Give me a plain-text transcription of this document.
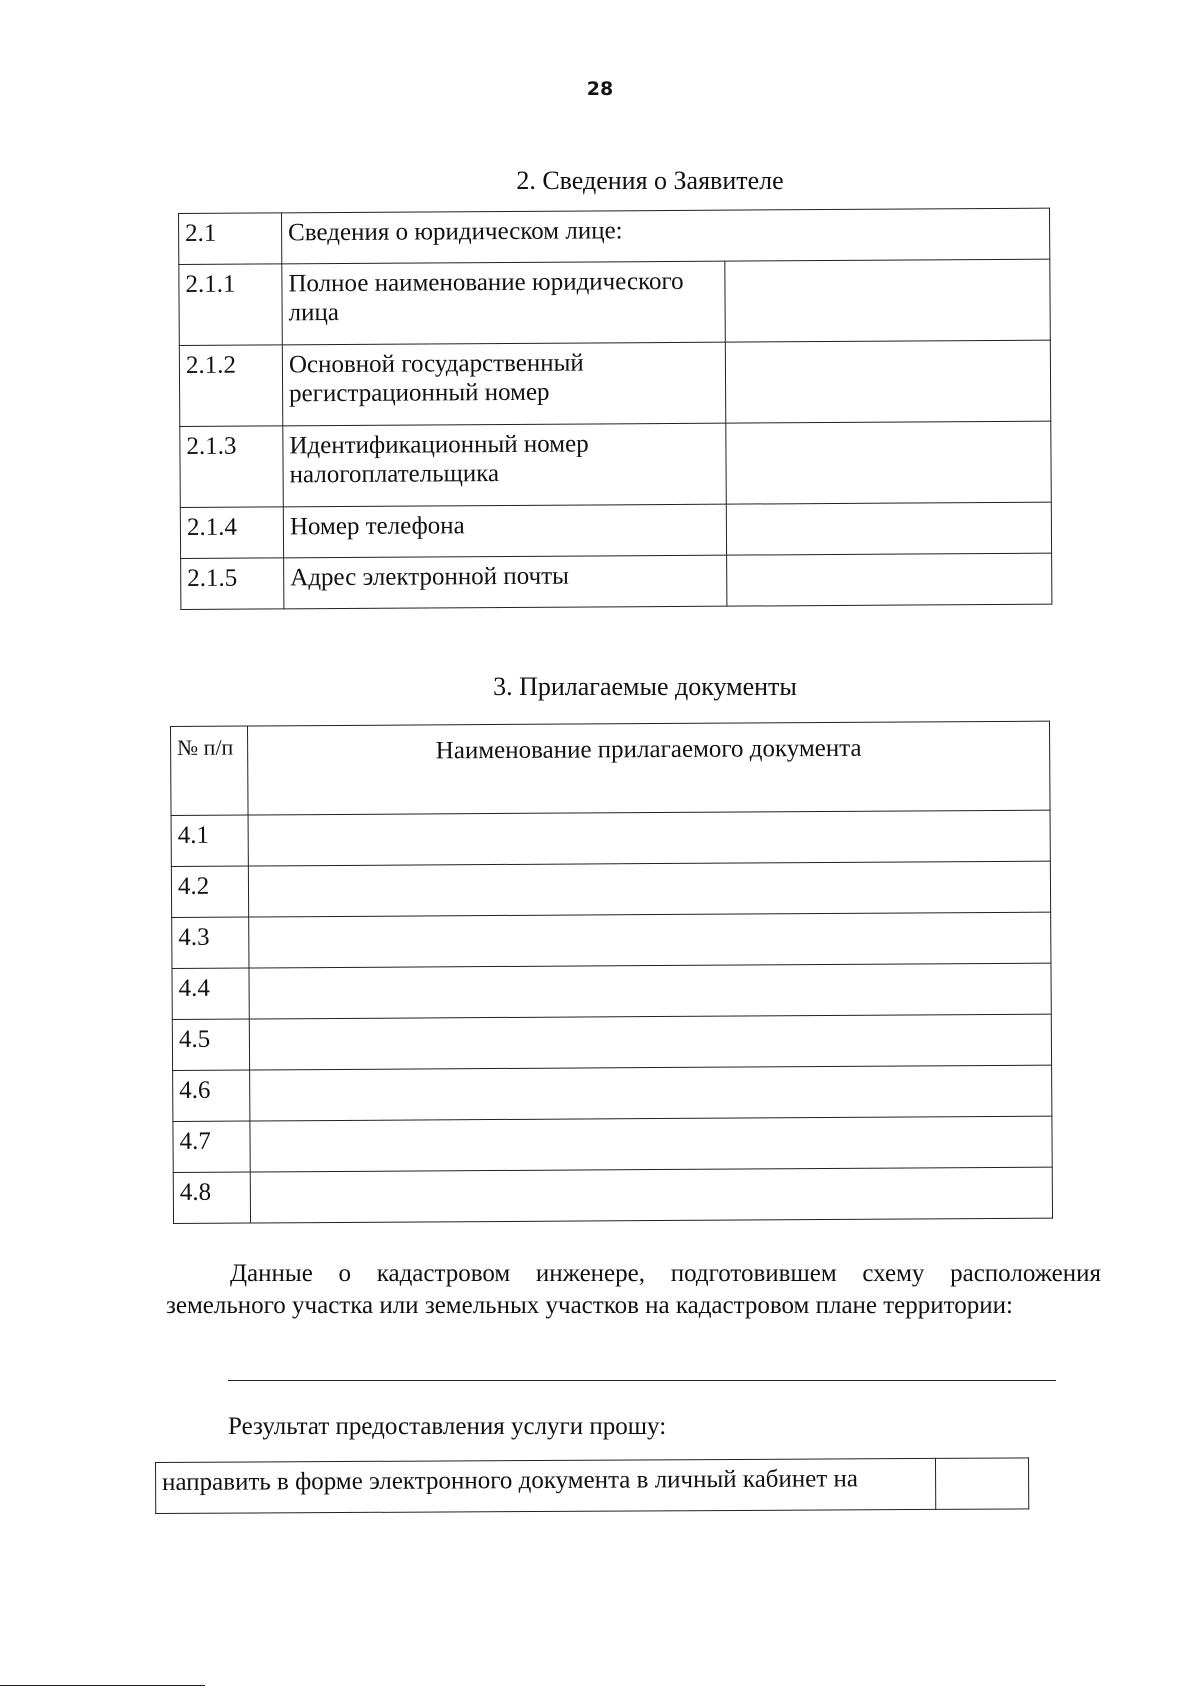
28
2. Сведения о Заявителе
2.1	Сведения о юридическом лице:	
2.1.1	Полное наименование юридического лица	
2.1.2	Основной государственный регистрационный номер	
2.1.3	Идентификационный номер налогоплательщика	
2.1.4	Номер телефона	
2.1.5	Адрес электронной почты	
3. Прилагаемые документы
№ п/п	Наименование прилагаемого документа
4.1	
4.2	
4.3	
4.4	
4.5	
4.6	
4.7	
4.8	
Данные о кадастровом инженере, подготовившем схему расположения земельного участка или земельных участков на кадастровом плане территории:
Результат предоставления услуги прошу:
направить в форме электронного документа в личный кабинет на	
